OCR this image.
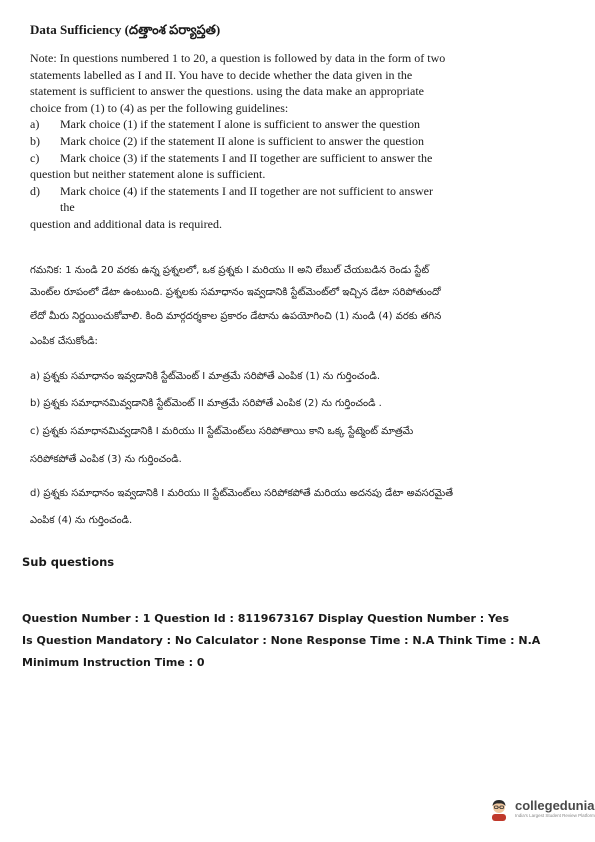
Data Sufficiency (దత్తాంశ పర్యాప్తత)

Note: In questions numbered 1 to 20, a question is followed by data in the form of two statements labelled as I and II. You have to decide whether the data given in the statement is sufficient to answer the questions. using the data make an appropriate choice from (1) to (4) as per the following guidelines:

a)	Mark choice (1) if the statement I alone is sufficient to answer the question
b)	Mark choice (2) if the statement II alone is sufficient to answer the question
c)	Mark choice (3) if the statements I and II together are sufficient to answer the

question but neither statement alone is sufficient.

d)	Mark choice (4) if the statements I and II together are not sufficient to answer the

question and additional data is required.

గమనిక: 1 నుండి 20 వరకు ఉన్న ప్రశ్నలలో, ఒక ప్రశ్నకు I మరియు II అని లేబుల్ చేయబడిన రెండు స్టేట్
మెంట్‌ల రూపంలో డేటా ఉంటుంది. ప్రశ్నలకు సమాధానం ఇవ్వడానికి స్టేట్‌మెంట్‌లో ఇచ్చిన డేటా సరిపోతుందో
లేదో మీరు నిర్ణయించుకోవాలి. కింది మార్గదర్శకాల ప్రకారం డేటాను ఉపయోగించి (1) నుండి (4) వరకు తగిన
ఎంపిక చేసుకోండి:
a) ప్రశ్నకు సమాధానం ఇవ్వడానికి స్టేట్‌మెంట్ I మాత్రమే సరిపోతే ఎంపిక (1) ను గుర్తించండి.
b) ప్రశ్నకు సమాధానమివ్వడానికి స్టేట్‌మెంట్ II మాత్రమే సరిపోతే ఎంపిక (2) ను గుర్తించండి .
c) ప్రశ్నకు సమాధానమివ్వడానికి I మరియు II స్టేట్‌మెంట్‌లు సరిపోతాయి కాని ఒక్క స్టేట్మెంట్ మాత్రమే
సరిపోకపోతే ఎంపిక (3) ను గుర్తించండి.
d) ప్రశ్నకు సమాధానం ఇవ్వడానికి I మరియు II స్టేట్‌మెంట్‌లు సరిపోకపోతే మరియు అదనపు డేటా అవసరమైతే
ఎంపిక (4) ను గుర్తించండి.
Sub questions
Question Number : 1 Question Id : 8119673167 Display Question Number : Yes Is Question Mandatory : No Calculator : None Response Time : N.A Think Time : N.A Minimum Instruction Time : 0
collegedunia
India's Largest Student Review Platform
